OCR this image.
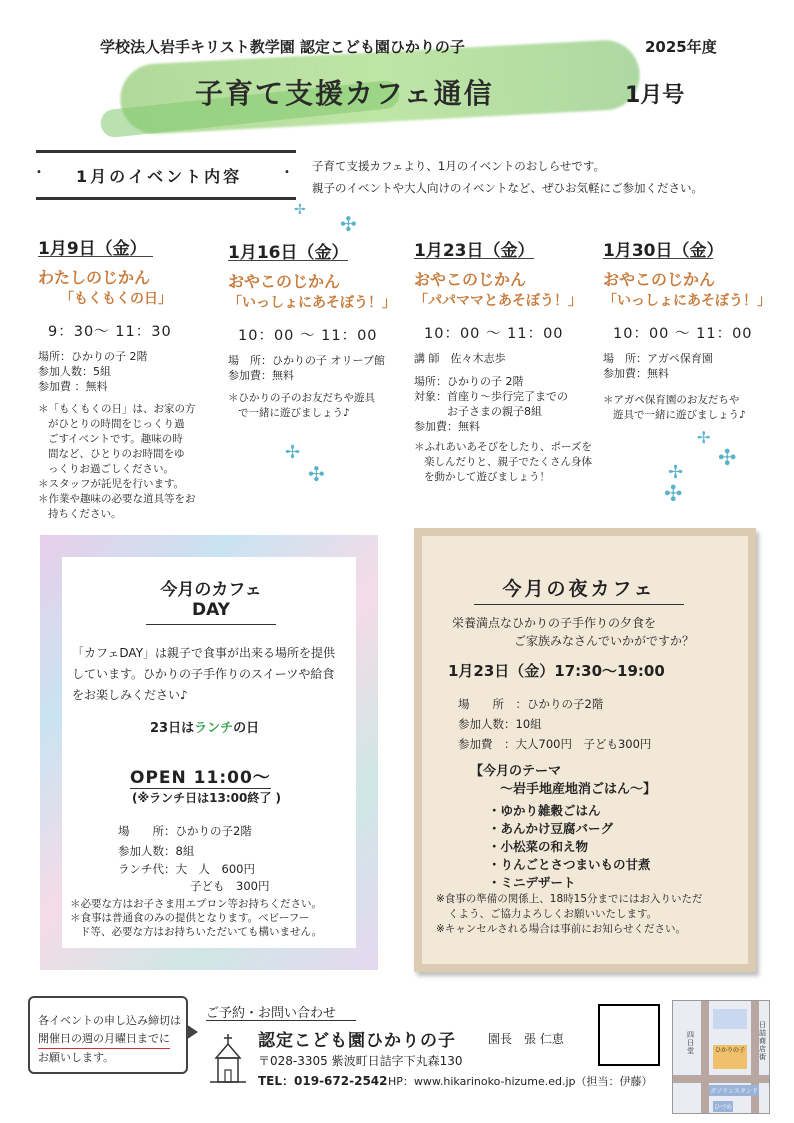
学校法人岩手キリスト教学園 認定こども園ひかりの子	2025年度
子育て支援カフェ通信	1月号
1月のイベント内容
•	• 子育て支援カフェより、1月のイベントのおしらせです。
親子のイベントや大人向けのイベントなど、ぜひお気軽にご参加ください。
1月9日（金）
わたしのじかん
「もくもくの日」
9：30～ 11：30
場所：ひかりの子 2階
参加人数：5組
参加費 ：無料
＊「もくもくの日」は、お家の方
がひとりの時間をじっくり過
ごすイベントです。趣味の時
間など、ひとりのお時間をゆ
っくりお過ごしください。
＊スタッフが託児を行います。
＊作業や趣味の必要な道具等をお
持ちください。
1月16日（金）
おやこのじかん
「いっしょにあそぼう！」
10：00 ～ 11：00
場　所：ひかりの子 オリーブ館
参加費：無料
＊ひかりの子のお友だちや遊具
で一緒に遊びましょう♪
1月23日（金）
おやこのじかん
「パパママとあそぼう！」
10：00 ～ 11：00
講 師　佐々木志歩
場所：ひかりの子 2階
対象：首座り～歩行完了までの
　　　お子さまの親子8組
参加費：無料
＊ふれあいあそびをしたり、ポーズを
楽しんだりと、親子でたくさん身体
を動かして遊びましょう！
1月30日（金）
おやこのじかん
「いっしょにあそぼう！」
10：00 ～ 11：00
場　所：アガペ保育園
参加費：無料
＊アガペ保育園のお友だちや
遊具で一緒に遊びましょう♪
✢
✣
✢
✣
✢
✣
✢
✣
今月のカフェDAY
「カフェDAY」は親子で食事が出来る場所を提供
しています。ひかりの子手作りのスイーツや給食
をお楽しみください♪
23日はランチの日
OPEN 11:00～
(※ランチ日は13:00終了 )
場　　所：ひかりの子2階
参加人数：8組
ランチ代：大　人　600円
子ども　300円
＊必要な方はお子さま用エプロン等お持ちください。
＊食事は普通食のみの提供となります。ベビーフー
ド等、必要な方はお持ちいただいても構いません。
今月の夜カフェ
栄養満点なひかりの子手作りの夕食を
ご家族みなさんでいかがですか？
1月23日（金）17:30～19:00
場　　所　：ひかりの子2階
参加人数：10組
参加費　：大人700円　子ども300円
【今月のテーマ
～岩手地産地消ごはん～】
・ゆかり雑穀ごはん
・あんかけ豆腐バーグ
・小松菜の和え物
・りんごとさつまいもの甘煮
・ミニデザート
※食事の準備の関係上、18時15分までにはお入りいただ
くよう、ご協力よろしくお願いいたします。
※キャンセルされる場合は事前にお知らせください。
各イベントの申し込み締切は
開催日の週の月曜日までに
お願いします。
ご予約・お問い合わせ
認定こども園ひかりの子	園長　張 仁恵
〒028-3305 紫波町日詰字下丸森130
TEL：019-672-2542 HP：www.hikarinoko-hizume.ed.jp（担当：伊藤）
ひかりの子
日詰商店街
四日堂
ガソリンスタンド
ひづめ
